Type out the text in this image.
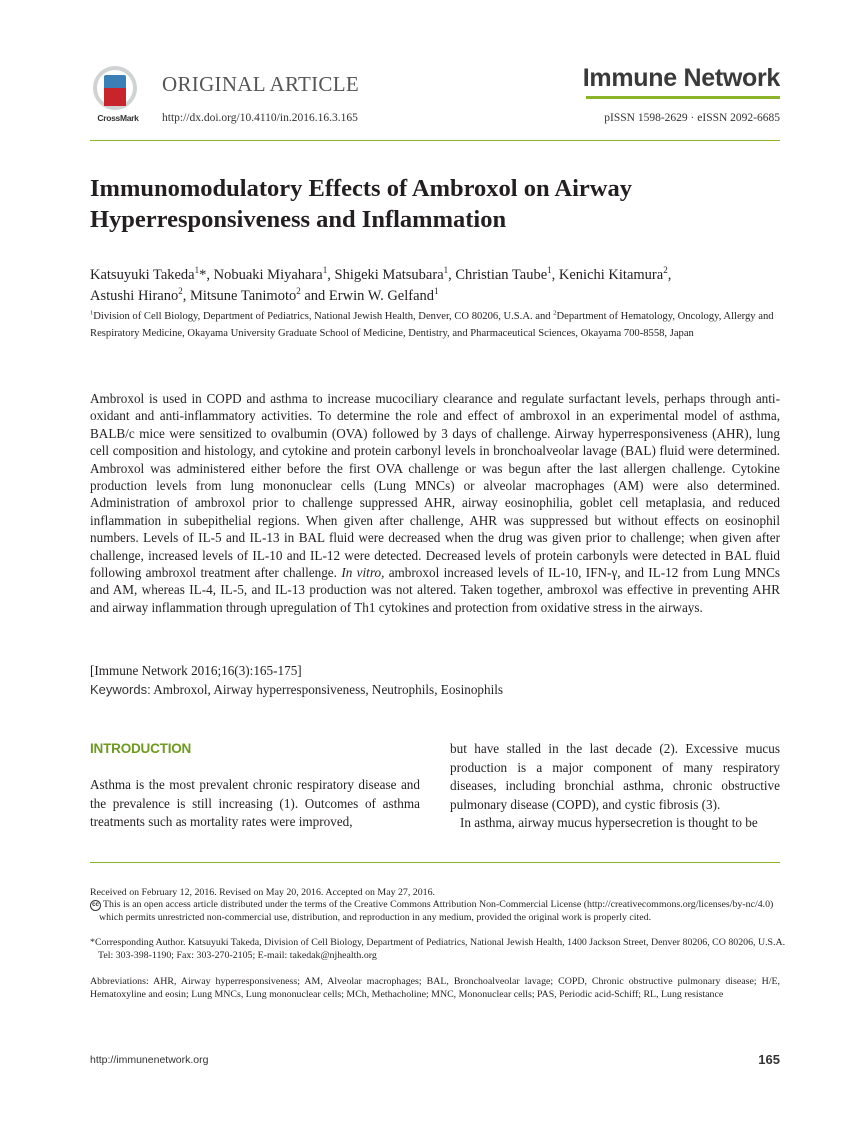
CrossMark
ORIGINAL ARTICLE
http://dx.doi.org/10.4110/in.2016.16.3.165
Immune Network
pISSN 1598-2629 · eISSN 2092-6685
Immunomodulatory Effects of Ambroxol on Airway
Hyperresponsiveness and Inflammation

Katsuyuki Takeda$^1$*, Nobuaki Miyahara$^1$, Shigeki Matsubara$^1$, Christian Taube$^1$, Kenichi Kitamura$^2$,
Astushi Hirano$^2$, Mitsune Tanimoto$^2$ and Erwin W. Gelfand$^1$

$^1$Division of Cell Biology, Department of Pediatrics, National Jewish Health, Denver, CO 80206, U.S.A. and $^2$Department of Hematology, Oncology, Allergy and Respiratory Medicine, Okayama University Graduate School of Medicine, Dentistry, and Pharmaceutical Sciences, Okayama 700-8558, Japan

Ambroxol is used in COPD and asthma to increase mucociliary clearance and regulate surfactant levels, perhaps through anti-oxidant and anti-inflammatory activities. To determine the role and effect of ambroxol in an experimental model of asthma, BALB/c mice were sensitized to ovalbumin (OVA) followed by 3 days of challenge. Airway hyperresponsiveness (AHR), lung cell composition and histology, and cytokine and protein carbonyl levels in bronchoalveolar lavage (BAL) fluid were determined. Ambroxol was administered either before the first OVA challenge or was begun after the last allergen challenge. Cytokine production levels from lung mononuclear cells (Lung MNCs) or alveolar macrophages (AM) were also determined. Administration of ambroxol prior to challenge suppressed AHR, airway eosinophilia, goblet cell metaplasia, and reduced inflammation in subepithelial regions. When given after challenge, AHR was suppressed but without effects on eosinophil numbers. Levels of IL-5 and IL-13 in BAL fluid were decreased when the drug was given prior to challenge; when given after challenge, increased levels of IL-10 and IL-12 were detected. Decreased levels of protein carbonyls were detected in BAL fluid following ambroxol treatment after challenge. In vitro, ambroxol increased levels of IL-10, IFN-γ, and IL-12 from Lung MNCs and AM, whereas IL-4, IL-5, and IL-13 production was not altered. Taken together, ambroxol was effective in preventing AHR and airway inflammation through upregulation of Th1 cytokines and protection from oxidative stress in the airways.

[Immune Network 2016;16(3):165-175]
Keywords: Ambroxol, Airway hyperresponsiveness, Neutrophils, Eosinophils
INTRODUCTION

Asthma is the most prevalent chronic respiratory disease and the prevalence is still increasing (1). Outcomes of asthma treatments such as mortality rates were improved,

but have stalled in the last decade (2). Excessive mucus production is a major component of many respiratory diseases, including bronchial asthma, chronic obstructive pulmonary disease (COPD), and cystic fibrosis (3).
In asthma, airway mucus hypersecretion is thought to be

Received on February 12, 2016. Revised on May 20, 2016. Accepted on May 27, 2016.

cc This is an open access article distributed under the terms of the Creative Commons Attribution Non-Commercial License (http://creativecommons.org/licenses/by-nc/4.0) which permits unrestricted non-commercial use, distribution, and reproduction in any medium, provided the original work is properly cited.

*Corresponding Author. Katsuyuki Takeda, Division of Cell Biology, Department of Pediatrics, National Jewish Health, 1400 Jackson Street, Denver 80206, CO 80206, U.S.A. Tel: 303-398-1190; Fax: 303-270-2105; E-mail: takedak@njhealth.org

Abbreviations: AHR, Airway hyperresponsiveness; AM, Alveolar macrophages; BAL, Bronchoalveolar lavage; COPD, Chronic obstructive pulmonary disease; H/E, Hematoxyline and eosin; Lung MNCs, Lung mononuclear cells; MCh, Methacholine; MNC, Mononuclear cells; PAS, Periodic acid-Schiff; RL, Lung resistance

http://immunenetwork.org	165
